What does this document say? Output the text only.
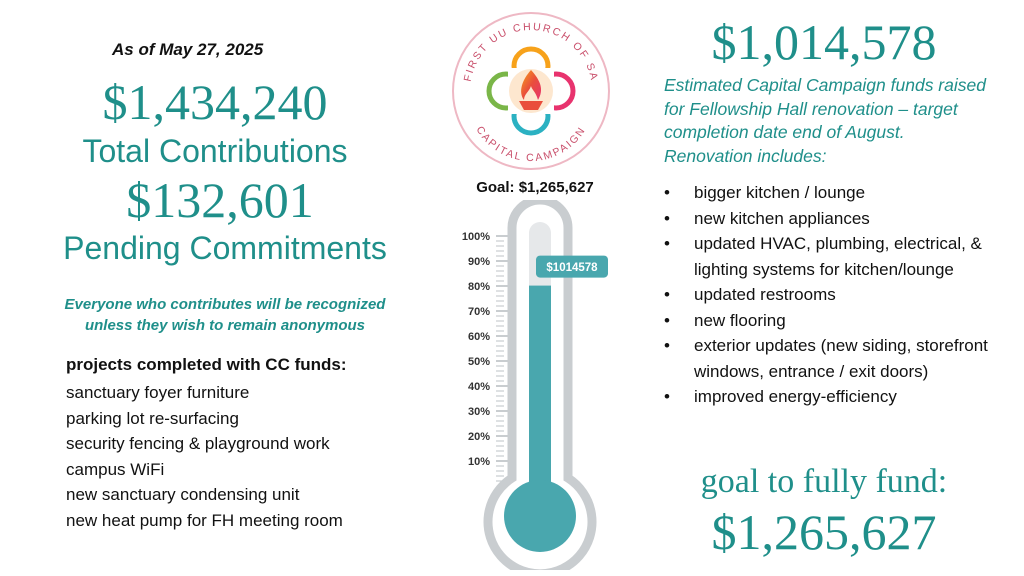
As of May 27, 2025
$1,434,240
Total Contributions
$132,601
Pending Commitments
Everyone who contributes will be recognized
unless they wish to remain anonymous
projects completed with CC funds:
sanctuary foyer furniture
parking lot re-surfacing
security fencing & playground work
campus WiFi
new sanctuary condensing unit
new heat pump for FH meeting room
FIRST UU CHURCH OF SA
CAPITAL CAMPAIGN
Goal: $1,265,627
100%
90%
80%
70%
60%
50%
40%
30%
20%
10%
$1014578
$1,014,578
Estimated Capital Campaign funds raised for Fellowship Hall renovation – target completion date end of August. Renovation includes:
• bigger kitchen / lounge
• new kitchen appliances
• updated HVAC, plumbing, electrical, & lighting systems for kitchen/lounge
• updated restrooms
• new flooring
• exterior updates (new siding, storefront windows, entrance / exit doors)
• improved energy-efficiency
goal to fully fund:
$1,265,627
